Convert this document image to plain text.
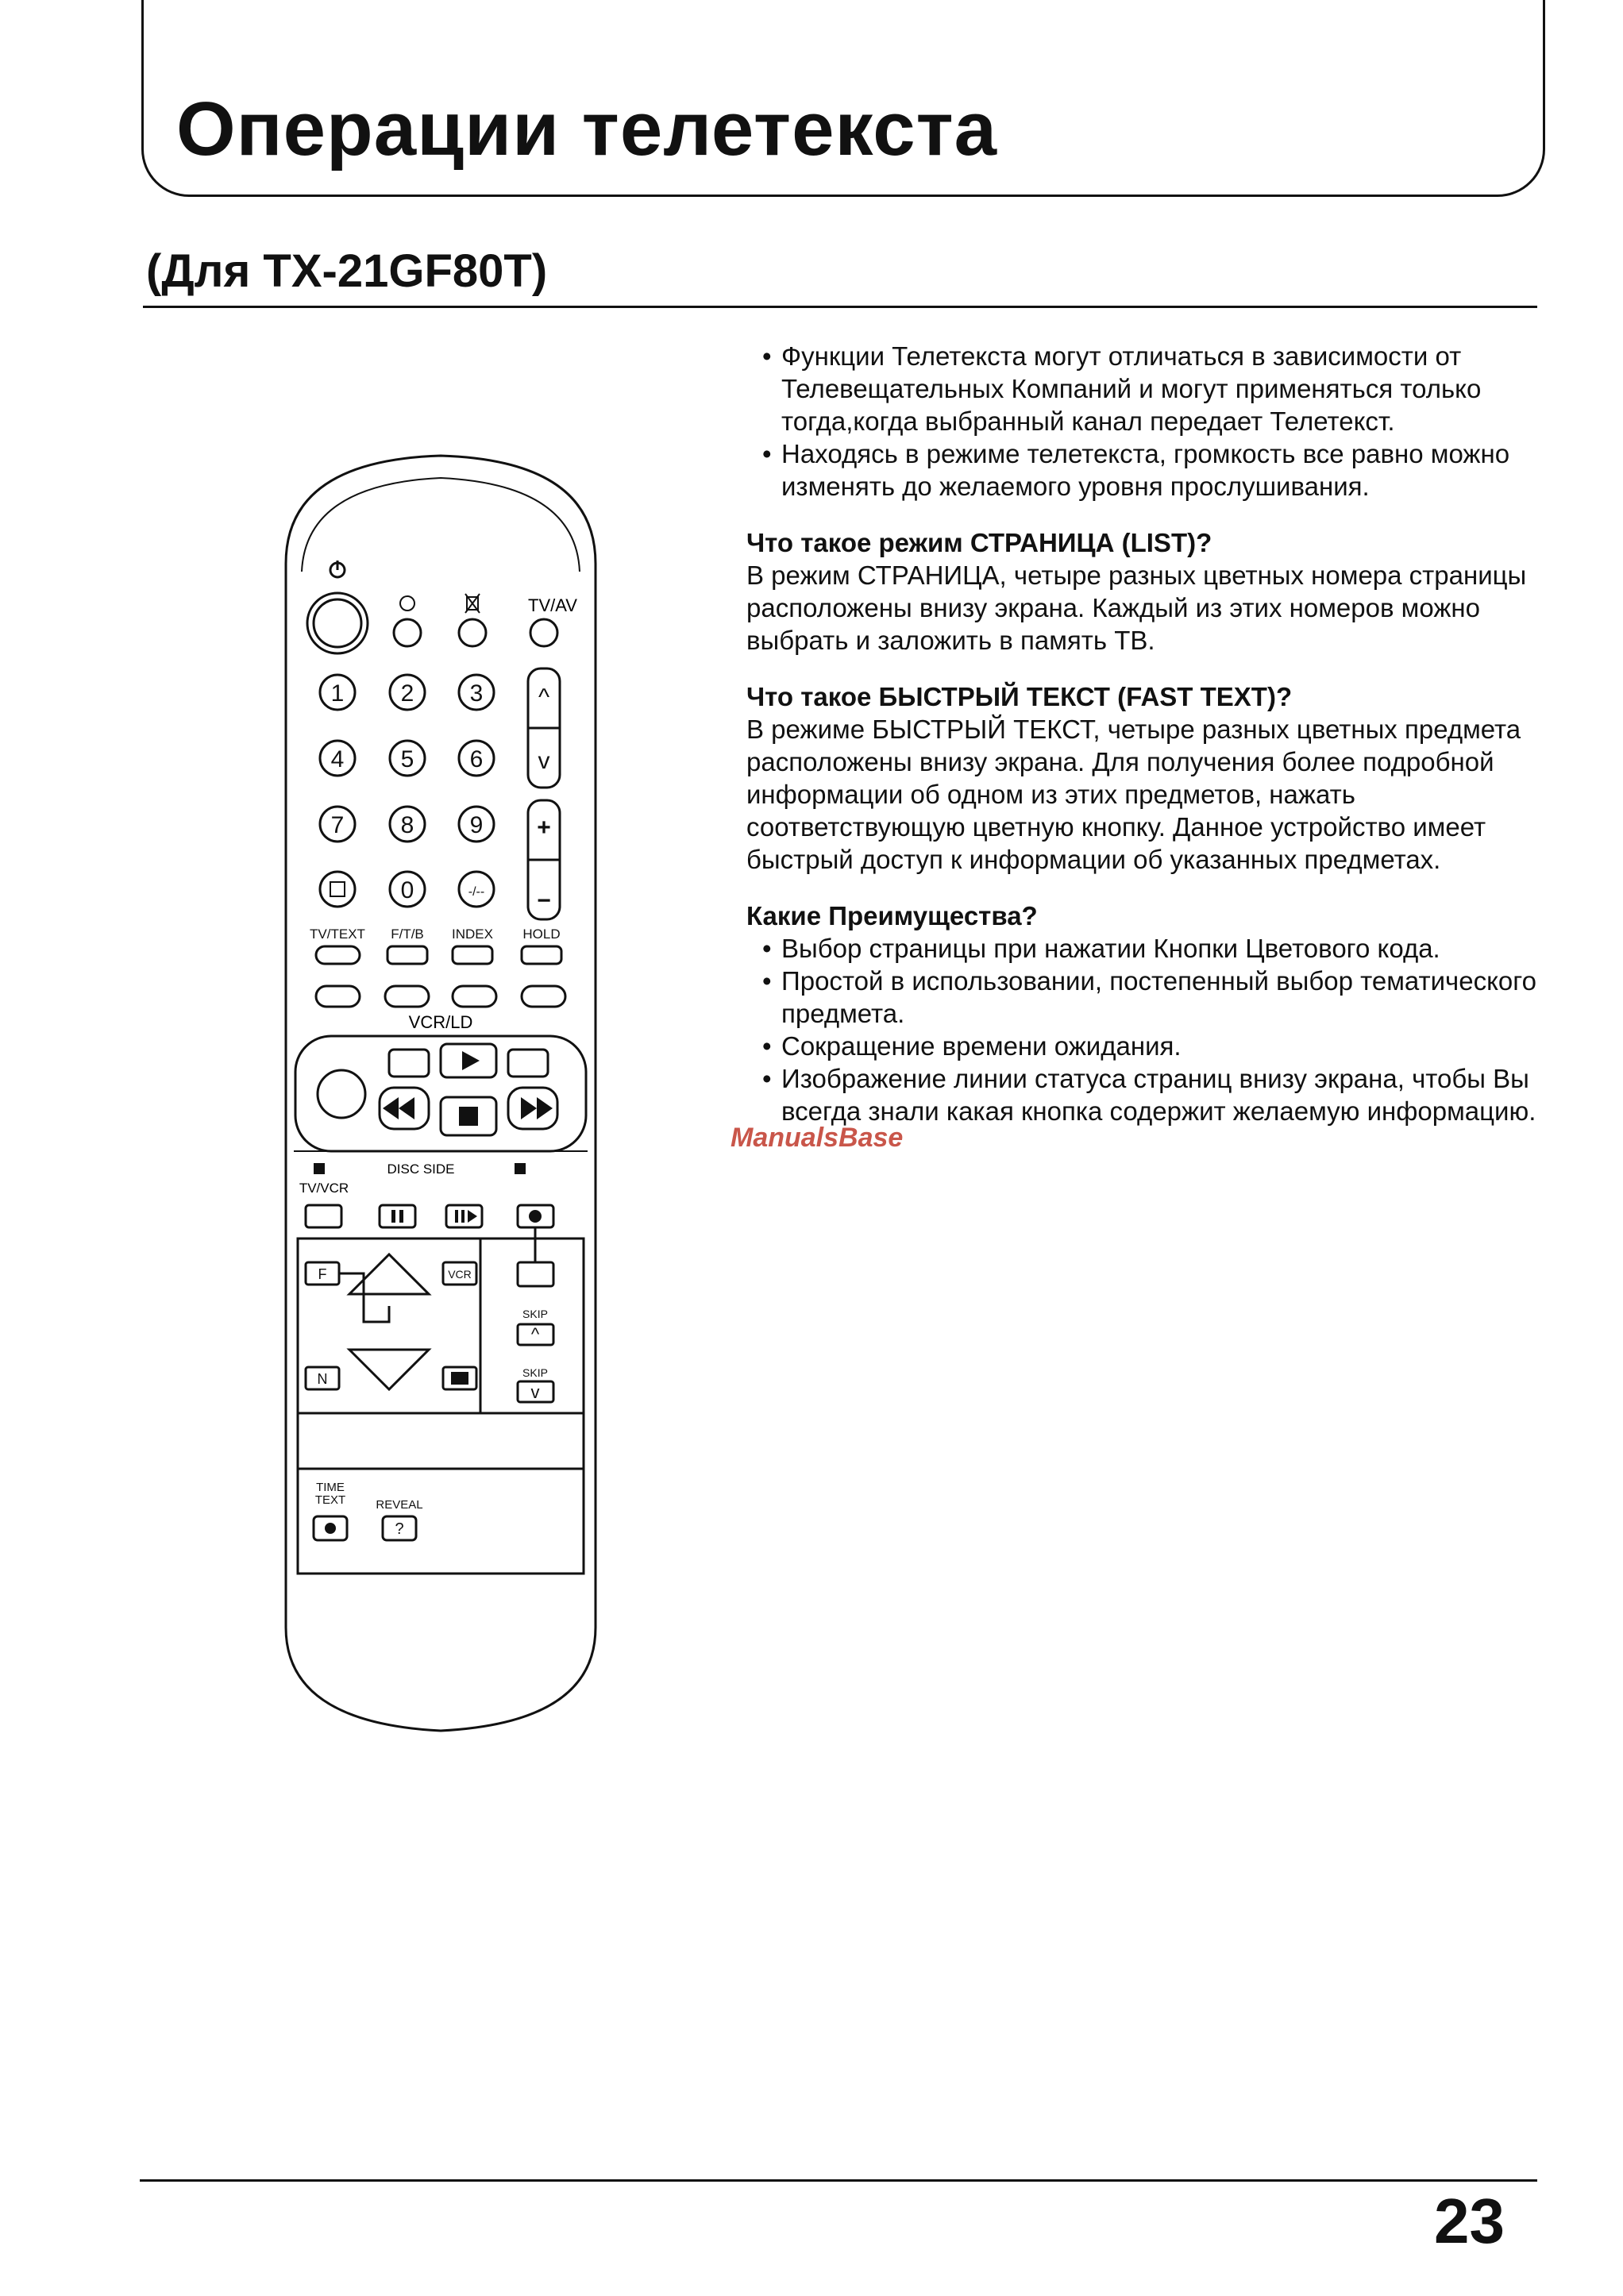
Операции телетекста
(Для TX-21GF80T)
TV/AV
1 2 3
4 5 6
7 8 9
0	-/--
^
v
+
−
TV/TEXT F/T/B INDEX HOLD
VCR/LD
DISC SIDE
TV/VCR
F
N
VCR
SKIP
SKIP
^
v
TIME
TEXT	REVEAL
?

• Функции Телетекста могут отличаться в зависимости от Телевещательных Компаний и могут применяться только тогда,когда выбранный канал передает Телетекст.

• Находясь в режиме телетекста, громкость все равно можно изменять до желаемого уровня прослушивания.

Что такое режим СТРАНИЦА (LIST)?

В режим СТРАНИЦА, четыре разных цветных номера страницы расположены внизу экрана. Каждый из этих номеров можно выбрать и заложить в память ТВ.

Что такое БЫСТРЫЙ ТЕКСТ (FAST TEXT)?

В режиме БЫСТРЫЙ ТЕКСТ, четыре разных цветных предмета расположены внизу экрана. Для получения более подробной информации об одном из этих предметов, нажать соответствующую цветную кнопку. Данное устройство имеет быстрый доступ к информации об указанных предметах.

Какие Преимущества?

• Выбор страницы при нажатии Кнопки Цветового кода.

• Простой в использовании, постепенный выбор тематического предмета.

• Сокращение времени ожидания.

• Изображение линии статуса страниц внизу экрана, чтобы Вы всегда знали какая кнопка содержит желаемую информацию.

ManualsBase
23
